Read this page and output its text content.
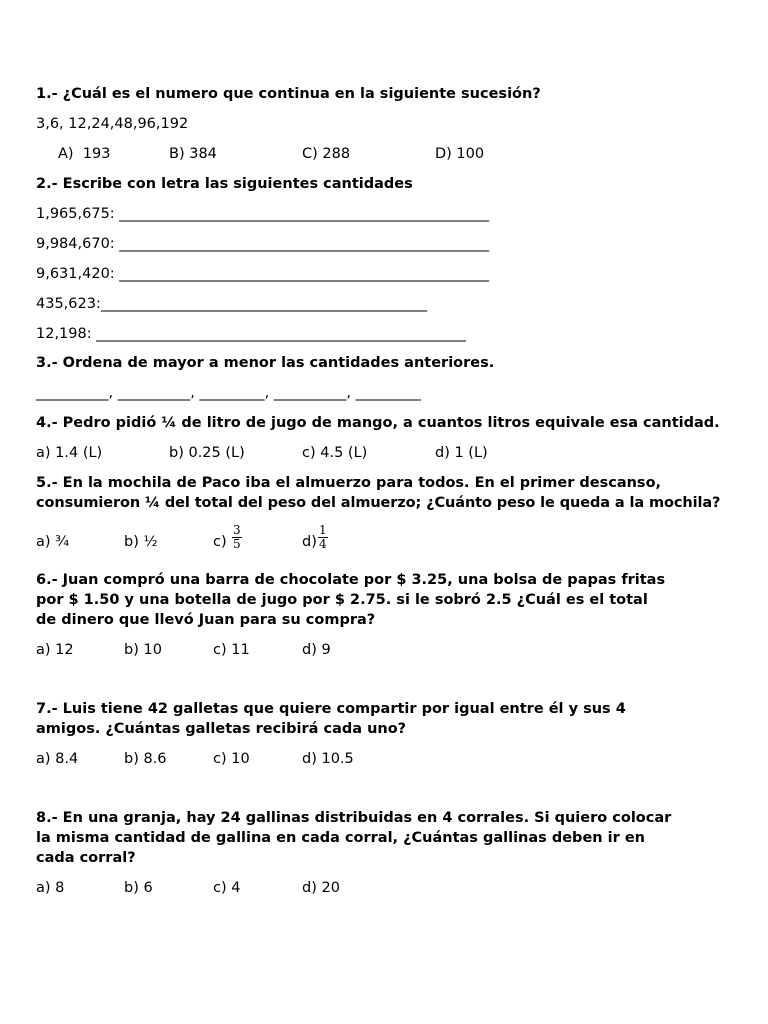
1.- ¿Cuál es el numero que continua en la siguiente sucesión?
3,6, 12,24,48,96,192
A)  193	B) 384	C) 288	D) 100
2.- Escribe con letra las siguientes cantidades
1,965,675: ___________________________________________________
9,984,670: ___________________________________________________
9,631,420: ___________________________________________________
435,623:_____________________________________________
12,198: ___________________________________________________
3.- Ordena de mayor a menor las cantidades anteriores.
__________, __________, _________, __________, _________
4.- Pedro pidió ¼ de litro de jugo de mango, a cuantos litros equivale esa cantidad.
a) 1.4 (L)	b) 0.25 (L)	c) 4.5 (L)	d) 1 (L)
5.- En la mochila de Paco iba el almuerzo para todos. En el primer descanso,
consumieron ¼ del total del peso del almuerzo; ¿Cuánto peso le queda a la mochila?
a) ¾	b) ½	$c) \frac{3}{5}$	$d) \frac{1}{4}$
6.- Juan compró una barra de chocolate por $ 3.25, una bolsa de papas fritas
por $ 1.50 y una botella de jugo por $ 2.75. si le sobró 2.5 ¿Cuál es el total
de dinero que llevó Juan para su compra?
a) 12	b) 10	c) 11	d) 9
7.- Luis tiene 42 galletas que quiere compartir por igual entre él y sus 4
amigos. ¿Cuántas galletas recibirá cada uno?
a) 8.4	b) 8.6	c) 10	d) 10.5
8.- En una granja, hay 24 gallinas distribuidas en 4 corrales. Si quiero colocar
la misma cantidad de gallina en cada corral, ¿Cuántas gallinas deben ir en
cada corral?
a) 8	b) 6	c) 4	d) 20
